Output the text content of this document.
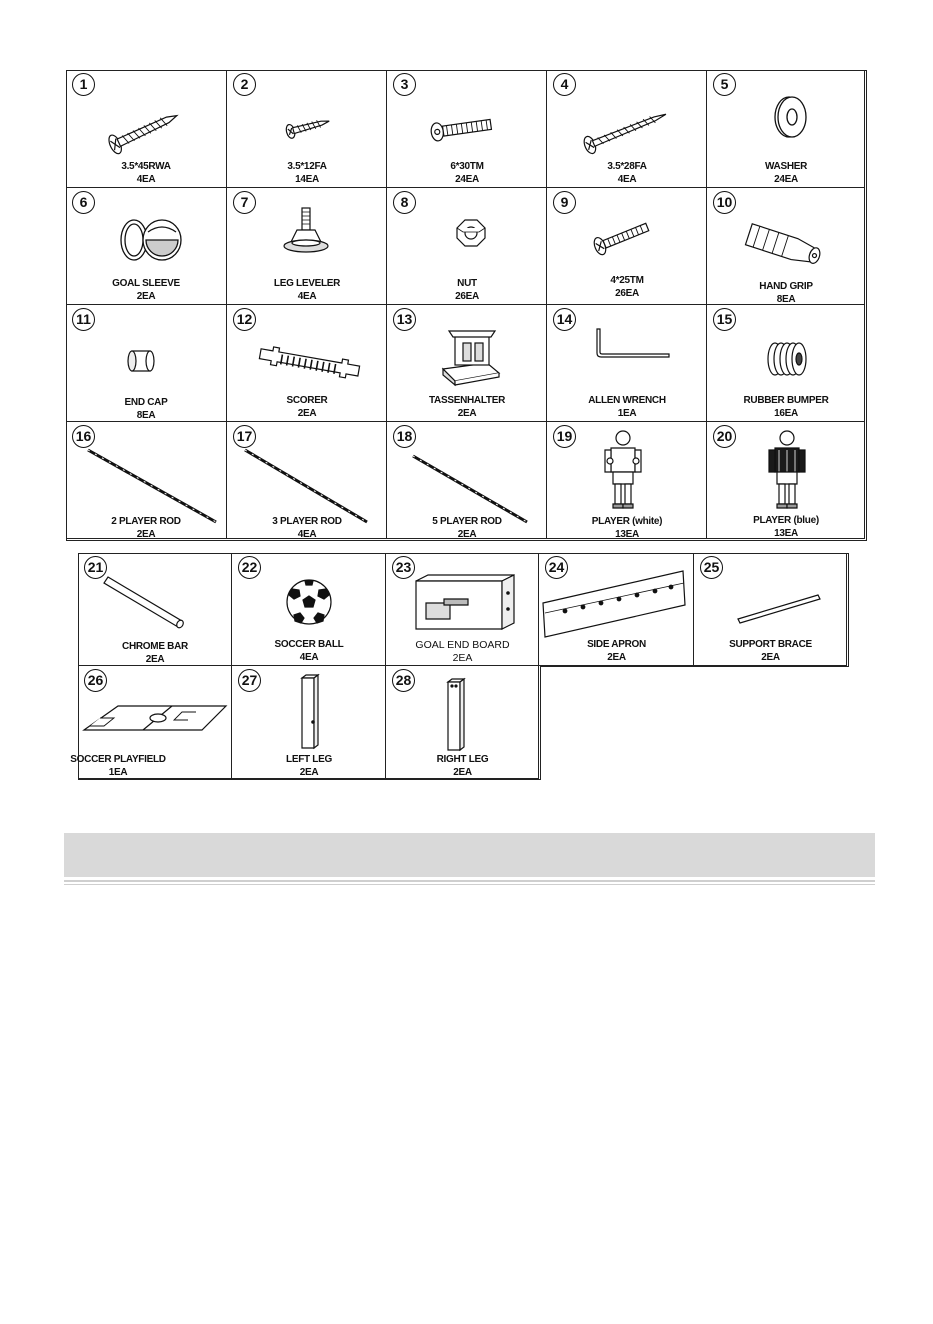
1
3.5*45RWA
4EA
2
3.5*12FA
14EA
3
6*30TM
24EA
4
3.5*28FA
4EA
5
WASHER
24EA
6
GOAL SLEEVE
2EA
7
LEG LEVELER
4EA
8
NUT
26EA
9
4*25TM
26EA
10
HAND GRIP
8EA
11
END CAP
8EA
12
SCORER
2EA
13
TASSENHALTER
2EA
14
ALLEN WRENCH
1EA
15
RUBBER BUMPER
16EA
16
2 PLAYER ROD
2EA
17
3 PLAYER ROD
4EA
18
5 PLAYER ROD
2EA
19
PLAYER (white)
13EA
20
PLAYER (blue)
13EA
21
CHROME BAR
2EA
22
SOCCER BALL
4EA
23
GOAL END BOARD
2EA
24
SIDE APRON
2EA
25
SUPPORT BRACE
2EA
26
SOCCER PLAYFIELD
1EA
27
LEFT LEG
2EA
28
RIGHT LEG
2EA
